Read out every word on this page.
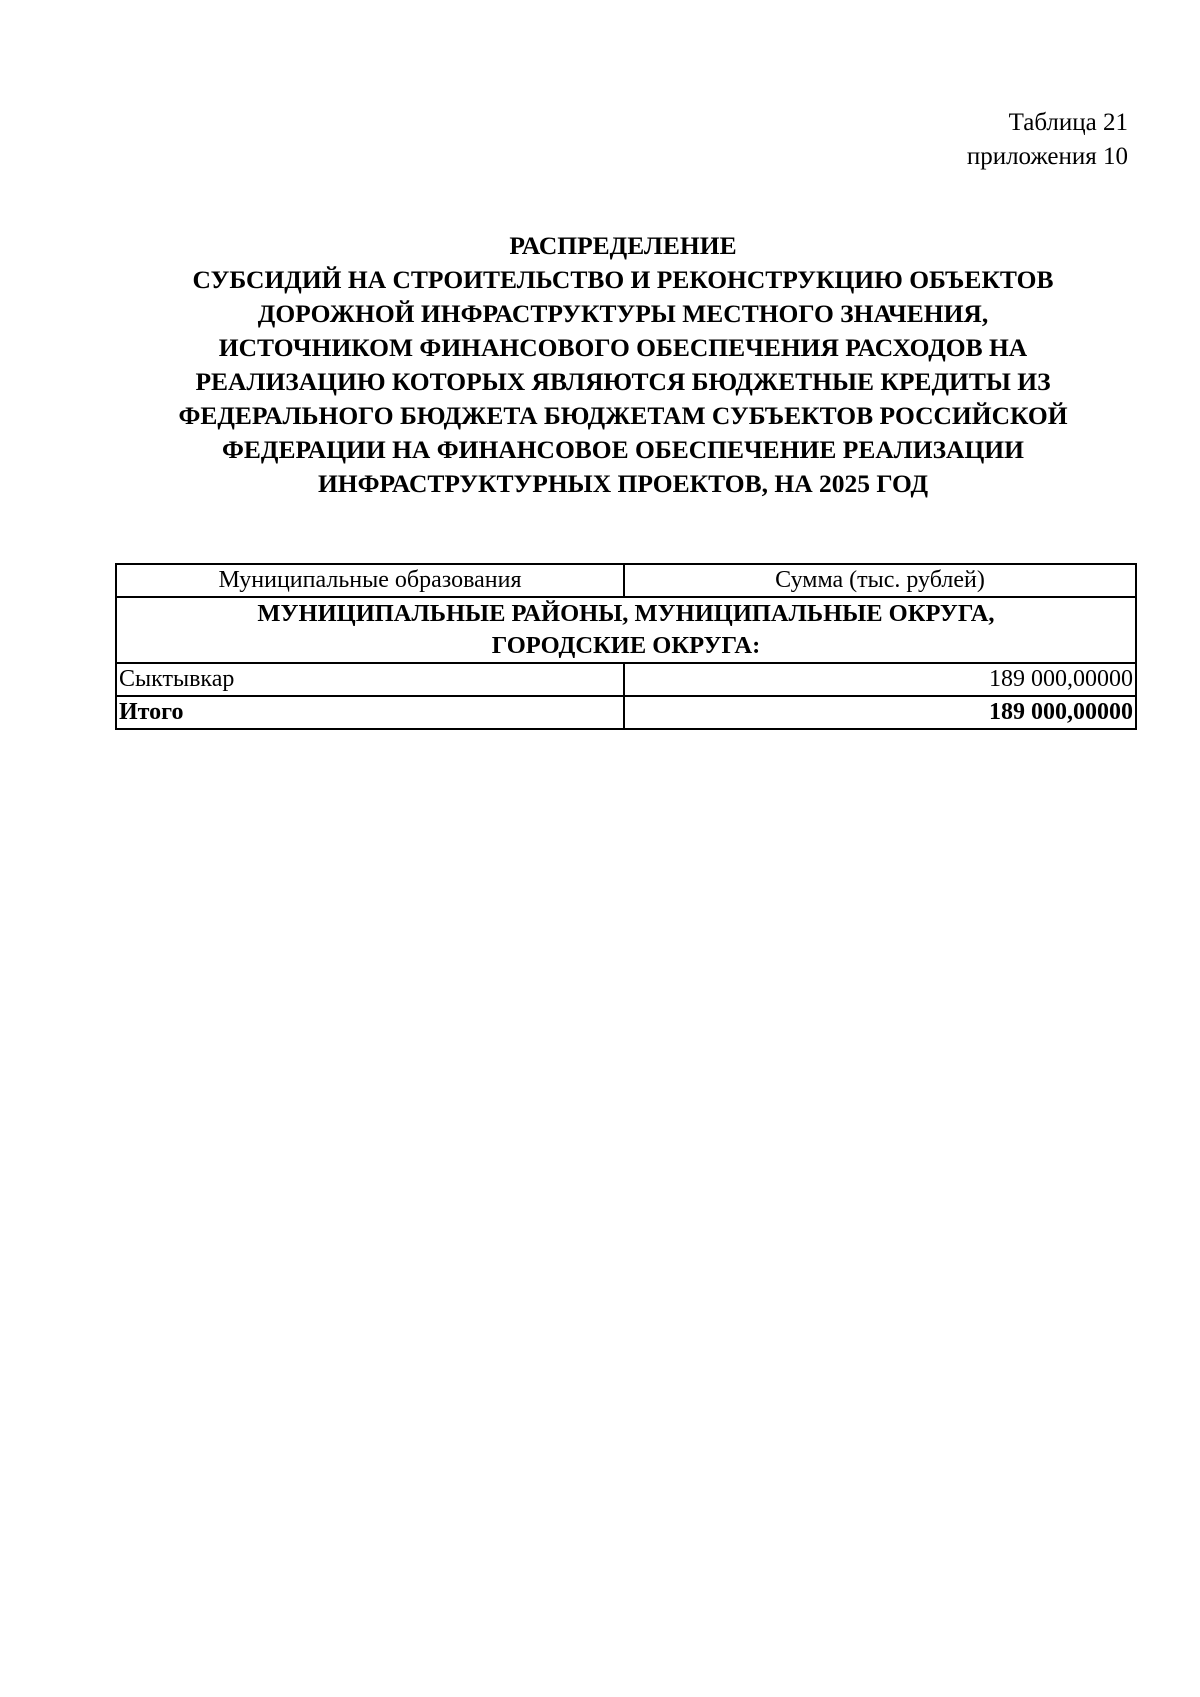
Таблица 21
приложения 10
РАСПРЕДЕЛЕНИЕ
СУБСИДИЙ НА СТРОИТЕЛЬСТВО И РЕКОНСТРУКЦИЮ ОБЪЕКТОВ
ДОРОЖНОЙ ИНФРАСТРУКТУРЫ МЕСТНОГО ЗНАЧЕНИЯ,
ИСТОЧНИКОМ ФИНАНСОВОГО ОБЕСПЕЧЕНИЯ РАСХОДОВ НА
РЕАЛИЗАЦИЮ КОТОРЫХ ЯВЛЯЮТСЯ БЮДЖЕТНЫЕ КРЕДИТЫ ИЗ
ФЕДЕРАЛЬНОГО БЮДЖЕТА БЮДЖЕТАМ СУБЪЕКТОВ РОССИЙСКОЙ
ФЕДЕРАЦИИ НА ФИНАНСОВОЕ ОБЕСПЕЧЕНИЕ РЕАЛИЗАЦИИ
ИНФРАСТРУКТУРНЫХ ПРОЕКТОВ, НА 2025 ГОД
Муниципальные образования	Сумма (тыс. рублей)

МУНИЦИПАЛЬНЫЕ РАЙОНЫ, МУНИЦИПАЛЬНЫЕ ОКРУГА,
ГОРОДСКИЕ ОКРУГА:	

Сыктывкар	189 000,00000
Итого	189 000,00000
